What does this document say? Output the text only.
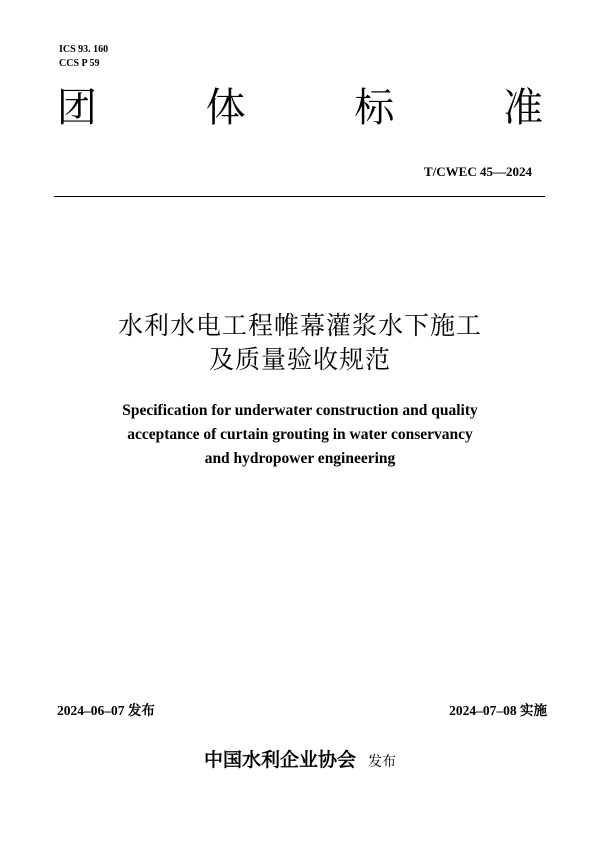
ICS 93. 160
CCS P 59
团 体 标 准
T/CWEC 45—2024
水利水电工程帷幕灌浆水下施工
及质量验收规范
Specification for underwater construction and quality
acceptance of curtain grouting in water conservancy
and hydropower engineering
2024–06–07 发布	2024–07–08 实施
中国水利企业协会 发布
